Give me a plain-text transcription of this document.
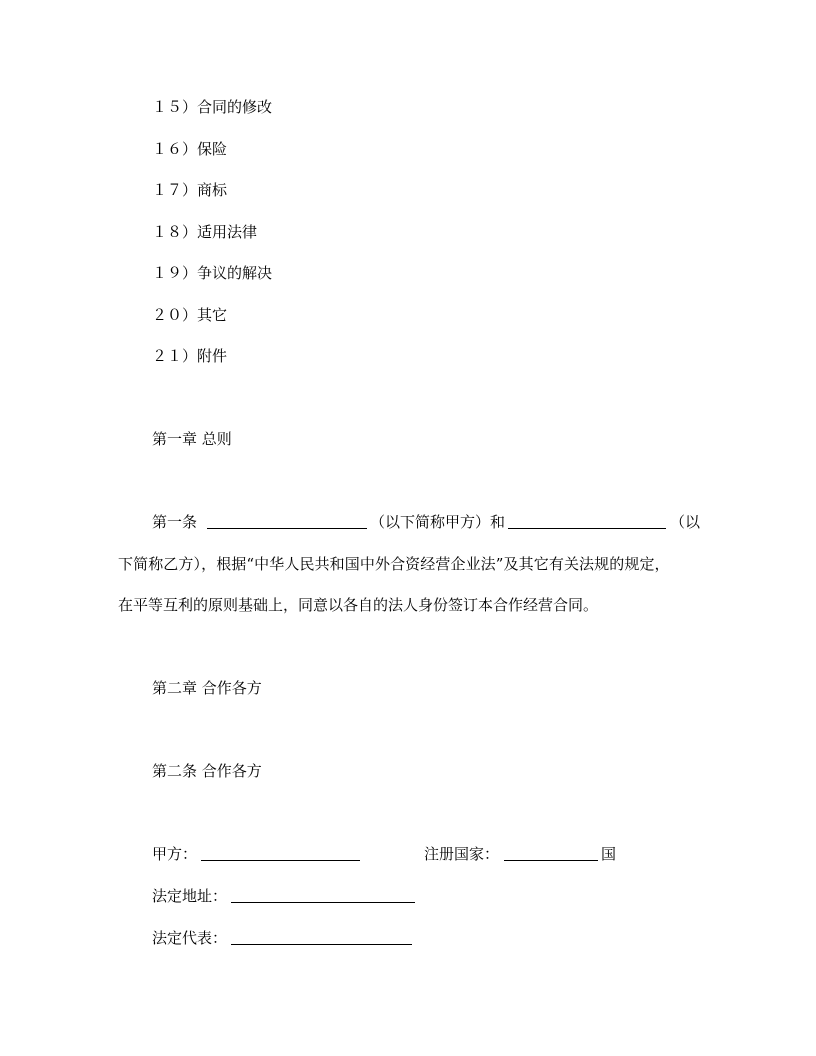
１５）合同的修改
１６）保险
１７）商标
１８）适用法律
１９）争议的解决
２０）其它
２１）附件
第一章 总则
第一条	（以下简称甲方）和	（以
下简称乙方），根据“中华人民共和国中外合资经营企业法”及其它有关法规的规定，
在平等互利的原则基础上，同意以各自的法人身份签订本合作经营合同。
第二章 合作各方
第二条 合作各方
甲方：	注册国家：	国
法定地址：
法定代表：
